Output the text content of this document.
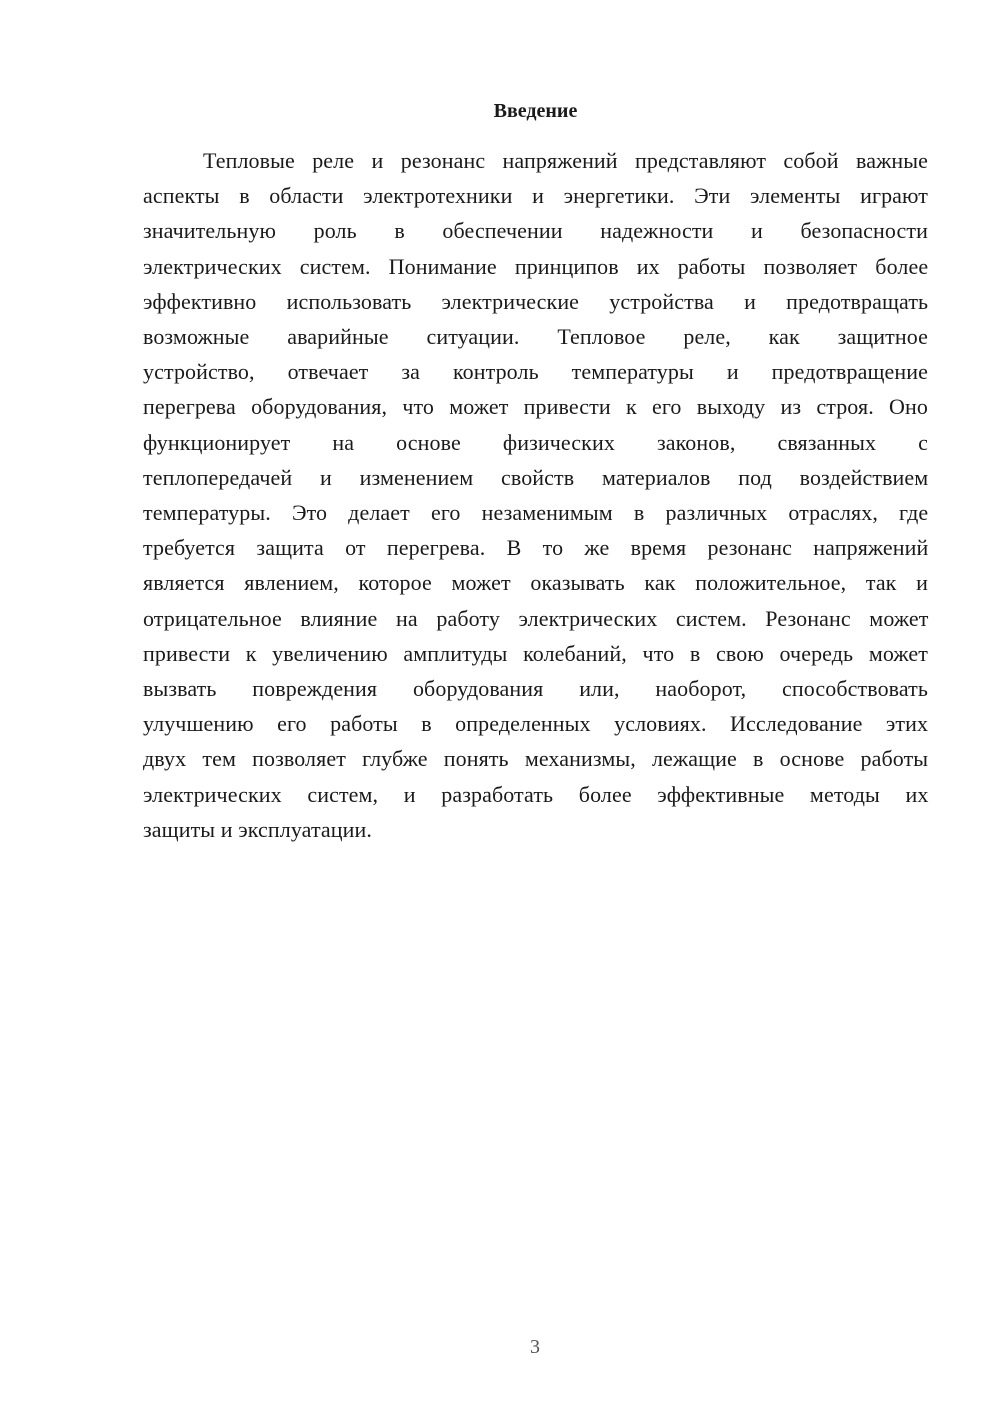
Введение
Тепловые реле и резонанс напряжений представляют собой важные
аспекты в области электротехники и энергетики. Эти элементы играют
значительную роль в обеспечении надежности и безопасности
электрических систем. Понимание принципов их работы позволяет более
эффективно использовать электрические устройства и предотвращать
возможные аварийные ситуации. Тепловое реле, как защитное
устройство, отвечает за контроль температуры и предотвращение
перегрева оборудования, что может привести к его выходу из строя. Оно
функционирует на основе физических законов, связанных с
теплопередачей и изменением свойств материалов под воздействием
температуры. Это делает его незаменимым в различных отраслях, где
требуется защита от перегрева. В то же время резонанс напряжений
является явлением, которое может оказывать как положительное, так и
отрицательное влияние на работу электрических систем. Резонанс может
привести к увеличению амплитуды колебаний, что в свою очередь может
вызвать повреждения оборудования или, наоборот, способствовать
улучшению его работы в определенных условиях. Исследование этих
двух тем позволяет глубже понять механизмы, лежащие в основе работы
электрических систем, и разработать более эффективные методы их
защиты и эксплуатации.
3
